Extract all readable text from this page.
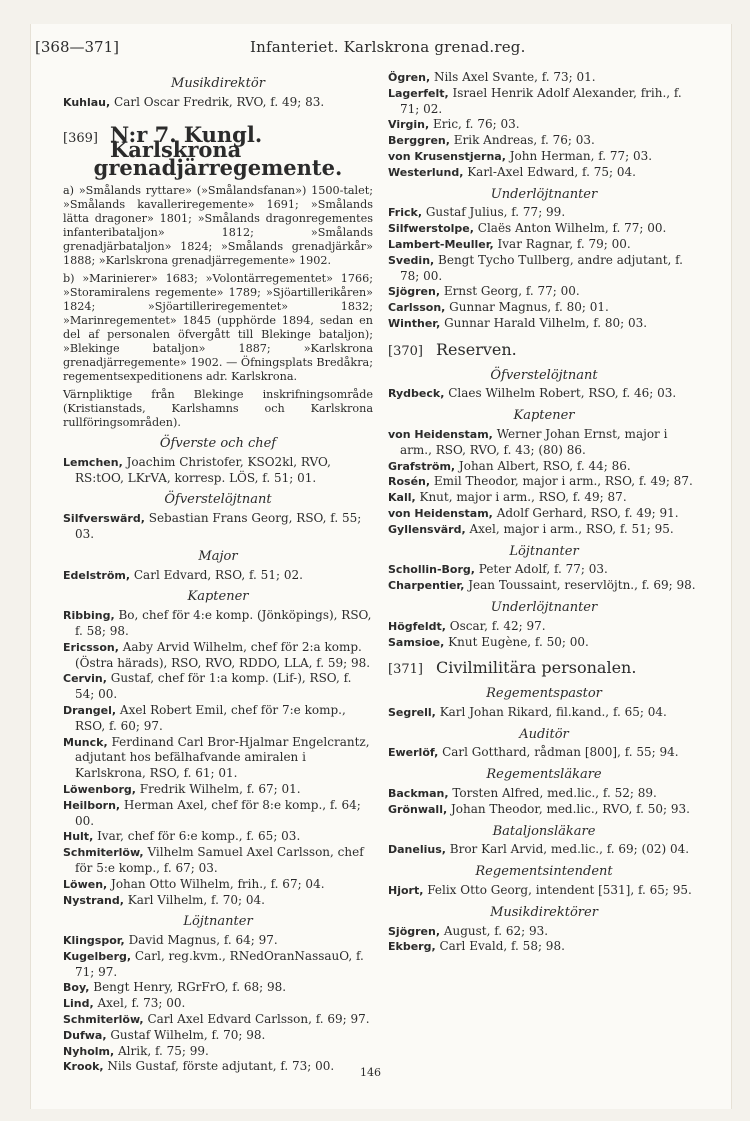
[368—371]	Infanteriet. Karlskrona grenad.reg.
Musikdirektör

Kuhlau, Carl Oscar Fredrik, RVO, f. 49; 83.

[369] N:r 7. Kungl. Karlskrona
grenadjärregemente.

a) »Smålands ryttare» (»Smålandsfanan») 1500-talet; »Smålands kavalleriregemente» 1691; »Smålands lätta dragoner» 1801; »Smålands dragonregementes infanteribataljon» 1812; »Smålands grenadjärbataljon» 1824; »Smålands grenadjärkår» 1888; »Karlskrona grenadjärregemente» 1902.

b) »Marinierer» 1683; »Volontärregementet» 1766; »Storamiralens regemente» 1789; »Sjöartillerikåren» 1824; »Sjöartilleriregementet» 1832; »Marinregementet» 1845 (upphörde 1894, sedan en del af personalen öfvergått till Blekinge bataljon); »Blekinge bataljon» 1887; »Karlskrona grenadjärregemente» 1902. — Öfningsplats Bredåkra; regementsexpeditionens adr. Karlskrona.

Värnpliktige från Blekinge inskrifningsområde (Kristianstads, Karlshamns och Karlskrona rullföringsområden).

Öfverste och chef

Lemchen, Joachim Christofer, KSO2kl, RVO, RS:tOO, LKrVA, korresp. LÖS, f. 51; 01.

Öfverstelöjtnant

Silfverswärd, Sebastian Frans Georg, RSO, f. 55; 03.

Major

Edelström, Carl Edvard, RSO, f. 51; 02.

Kaptener

Ribbing, Bo, chef för 4:e komp. (Jönköpings), RSO, f. 58; 98.

Ericsson, Aaby Arvid Wilhelm, chef för 2:a komp. (Östra härads), RSO, RVO, RDDO, LLA, f. 59; 98.

Cervin, Gustaf, chef för 1:a komp. (Lif-), RSO, f. 54; 00.

Drangel, Axel Robert Emil, chef för 7:e komp., RSO, f. 60; 97.

Munck, Ferdinand Carl Bror-Hjalmar Engelcrantz, adjutant hos befälhafvande amiralen i Karlskrona, RSO, f. 61; 01.

Löwenborg, Fredrik Wilhelm, f. 67; 01.

Heilborn, Herman Axel, chef för 8:e komp., f. 64; 00.

Hult, Ivar, chef för 6:e komp., f. 65; 03.

Schmiterlöw, Vilhelm Samuel Axel Carlsson, chef för 5:e komp., f. 67; 03.

Löwen, Johan Otto Wilhelm, frih., f. 67; 04.

Nystrand, Karl Vilhelm, f. 70; 04.

Löjtnanter

Klingspor, David Magnus, f. 64; 97.

Kugelberg, Carl, reg.kvm., RNedOranNassauO, f. 71; 97.

Boy, Bengt Henry, RGrFrO, f. 68; 98.

Lind, Axel, f. 73; 00.

Schmiterlöw, Carl Axel Edvard Carlsson, f. 69; 97.

Dufwa, Gustaf Wilhelm, f. 70; 98.

Nyholm, Alrik, f. 75; 99.

Krook, Nils Gustaf, förste adjutant, f. 73; 00.

Ögren, Nils Axel Svante, f. 73; 01.

Lagerfelt, Israel Henrik Adolf Alexander, frih., f. 71; 02.

Virgin, Eric, f. 76; 03.

Berggren, Erik Andreas, f. 76; 03.

von Krusenstjerna, John Herman, f. 77; 03.

Westerlund, Karl-Axel Edward, f. 75; 04.

Underlöjtnanter

Frick, Gustaf Julius, f. 77; 99.

Silfwerstolpe, Claës Anton Wilhelm, f. 77; 00.

Lambert-Meuller, Ivar Ragnar, f. 79; 00.

Svedin, Bengt Tycho Tullberg, andre adjutant, f. 78; 00.

Sjögren, Ernst Georg, f. 77; 00.

Carlsson, Gunnar Magnus, f. 80; 01.

Winther, Gunnar Harald Vilhelm, f. 80; 03.

[370] Reserven.
Öfverstelöjtnant

Rydbeck, Claes Wilhelm Robert, RSO, f. 46; 03.

Kaptener

von Heidenstam, Werner Johan Ernst, major i arm., RSO, RVO, f. 43; (80) 86.

Grafström, Johan Albert, RSO, f. 44; 86.

Rosén, Emil Theodor, major i arm., RSO, f. 49; 87.

Kall, Knut, major i arm., RSO, f. 49; 87.

von Heidenstam, Adolf Gerhard, RSO, f. 49; 91.

Gyllensvärd, Axel, major i arm., RSO, f. 51; 95.

Löjtnanter

Schollin-Borg, Peter Adolf, f. 77; 03.

Charpentier, Jean Toussaint, reservlöjtn., f. 69; 98.

Underlöjtnanter

Högfeldt, Oscar, f. 42; 97.

Samsioe, Knut Eugène, f. 50; 00.

[371] Civilmilitära personalen.
Regementspastor

Segrell, Karl Johan Rikard, fil.kand., f. 65; 04.

Auditör

Ewerlöf, Carl Gotthard, rådman [800], f. 55; 94.

Regementsläkare

Backman, Torsten Alfred, med.lic., f. 52; 89.

Grönwall, Johan Theodor, med.lic., RVO, f. 50; 93.

Bataljonsläkare

Danelius, Bror Karl Arvid, med.lic., f. 69; (02) 04.

Regementsintendent

Hjort, Felix Otto Georg, intendent [531], f. 65; 95.

Musikdirektörer

Sjögren, August, f. 62; 93.

Ekberg, Carl Evald, f. 58; 98.

146
